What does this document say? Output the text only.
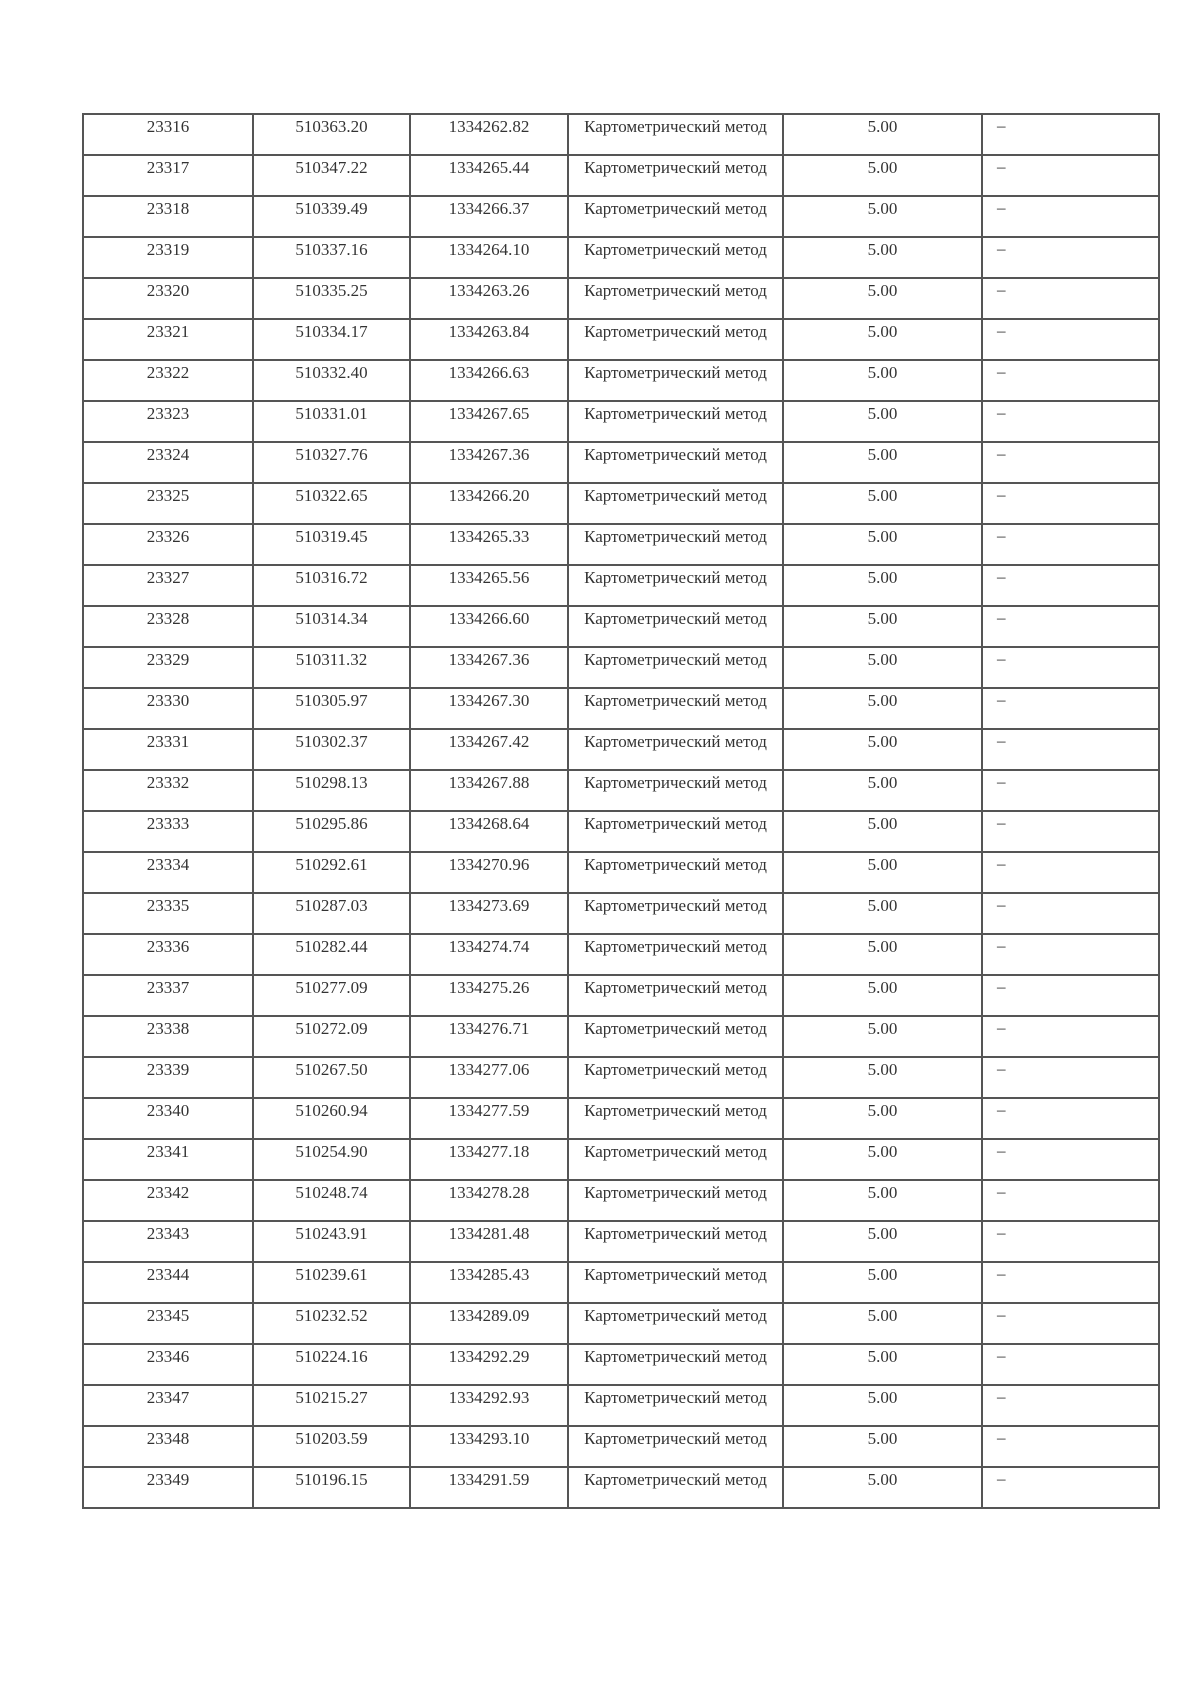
23316	510363.20	1334262.82	Картометрический метод	5.00	–

23317	510347.22	1334265.44	Картометрический метод	5.00	–

23318	510339.49	1334266.37	Картометрический метод	5.00	–

23319	510337.16	1334264.10	Картометрический метод	5.00	–

23320	510335.25	1334263.26	Картометрический метод	5.00	–

23321	510334.17	1334263.84	Картометрический метод	5.00	–

23322	510332.40	1334266.63	Картометрический метод	5.00	–

23323	510331.01	1334267.65	Картометрический метод	5.00	–

23324	510327.76	1334267.36	Картометрический метод	5.00	–

23325	510322.65	1334266.20	Картометрический метод	5.00	–

23326	510319.45	1334265.33	Картометрический метод	5.00	–

23327	510316.72	1334265.56	Картометрический метод	5.00	–

23328	510314.34	1334266.60	Картометрический метод	5.00	–

23329	510311.32	1334267.36	Картометрический метод	5.00	–

23330	510305.97	1334267.30	Картометрический метод	5.00	–

23331	510302.37	1334267.42	Картометрический метод	5.00	–

23332	510298.13	1334267.88	Картометрический метод	5.00	–

23333	510295.86	1334268.64	Картометрический метод	5.00	–

23334	510292.61	1334270.96	Картометрический метод	5.00	–

23335	510287.03	1334273.69	Картометрический метод	5.00	–

23336	510282.44	1334274.74	Картометрический метод	5.00	–

23337	510277.09	1334275.26	Картометрический метод	5.00	–

23338	510272.09	1334276.71	Картометрический метод	5.00	–

23339	510267.50	1334277.06	Картометрический метод	5.00	–

23340	510260.94	1334277.59	Картометрический метод	5.00	–

23341	510254.90	1334277.18	Картометрический метод	5.00	–

23342	510248.74	1334278.28	Картометрический метод	5.00	–

23343	510243.91	1334281.48	Картометрический метод	5.00	–

23344	510239.61	1334285.43	Картометрический метод	5.00	–

23345	510232.52	1334289.09	Картометрический метод	5.00	–

23346	510224.16	1334292.29	Картометрический метод	5.00	–

23347	510215.27	1334292.93	Картометрический метод	5.00	–

23348	510203.59	1334293.10	Картометрический метод	5.00	–

23349	510196.15	1334291.59	Картометрический метод	5.00	–
